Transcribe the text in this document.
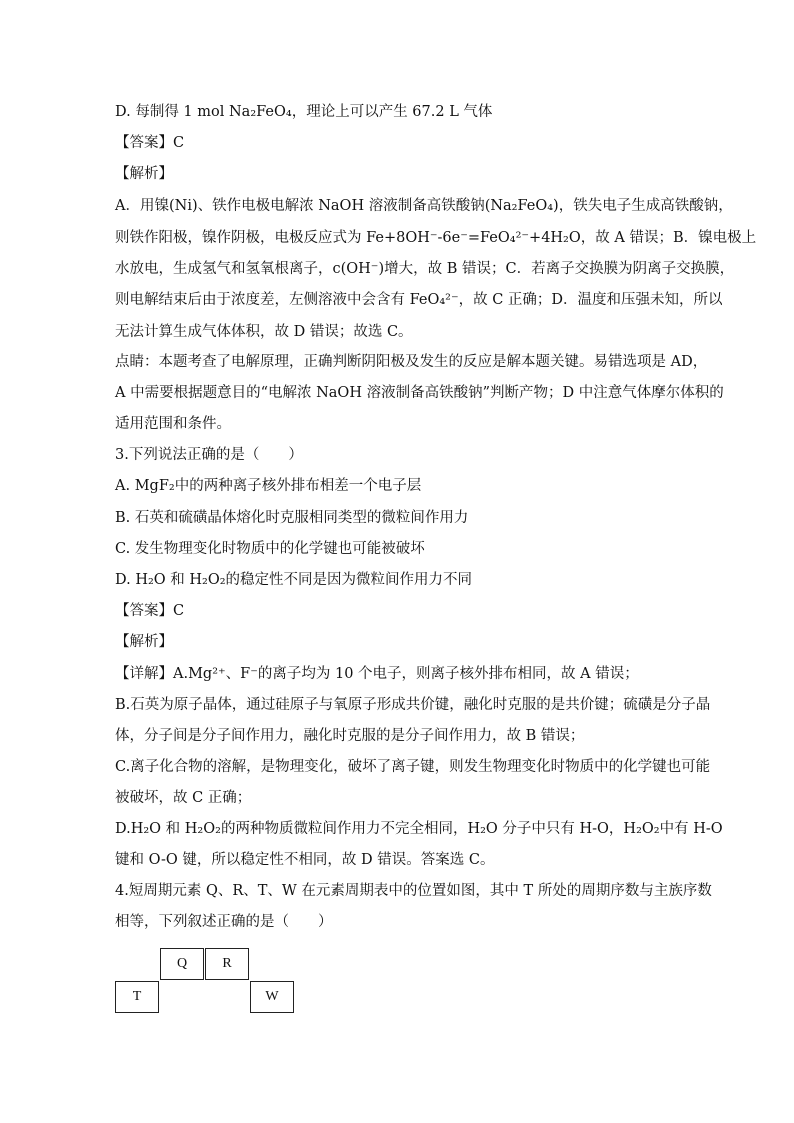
D. 每制得 1 mol Na₂FeO₄，理论上可以产生 67.2 L 气体
【答案】C
【解析】
A．用镍(Ni)、铁作电极电解浓 NaOH 溶液制备高铁酸钠(Na₂FeO₄)，铁失电子生成高铁酸钠，
则铁作阳极，镍作阴极，电极反应式为 Fe+8OH⁻-6e⁻=FeO₄²⁻+4H₂O，故 A 错误；B．镍电极上
水放电，生成氢气和氢氧根离子，c(OH⁻)增大，故 B 错误；C．若离子交换膜为阴离子交换膜，
则电解结束后由于浓度差，左侧溶液中会含有 FeO₄²⁻，故 C 正确；D．温度和压强未知，所以
无法计算生成气体体积，故 D 错误；故选 C。
点睛：本题考查了电解原理，正确判断阴阳极及发生的反应是解本题关键。易错选项是 AD，
A 中需要根据题意目的“电解浓 NaOH 溶液制备高铁酸钠”判断产物；D 中注意气体摩尔体积的
适用范围和条件。
3.下列说法正确的是（　　）
A. MgF₂中的两种离子核外排布相差一个电子层
B. 石英和硫磺晶体熔化时克服相同类型的微粒间作用力
C. 发生物理变化时物质中的化学键也可能被破坏
D. H₂O 和 H₂O₂的稳定性不同是因为微粒间作用力不同
【答案】C
【解析】
【详解】A.Mg²⁺、F⁻的离子均为 10 个电子，则离子核外排布相同，故 A 错误；
B.石英为原子晶体，通过硅原子与氧原子形成共价键，融化时克服的是共价键；硫磺是分子晶
体，分子间是分子间作用力，融化时克服的是分子间作用力，故 B 错误；
C.离子化合物的溶解，是物理变化，破坏了离子键，则发生物理变化时物质中的化学键也可能
被破坏，故 C 正确；
D.H₂O 和 H₂O₂的两种物质微粒间作用力不完全相同，H₂O 分子中只有 H-O，H₂O₂中有 H-O
键和 O-O 键，所以稳定性不相同，故 D 错误。答案选 C。
4.短周期元素 Q、R、T、W 在元素周期表中的位置如图，其中 T 所处的周期序数与主族序数
相等，下列叙述正确的是（　　）
Q	R
T	W
